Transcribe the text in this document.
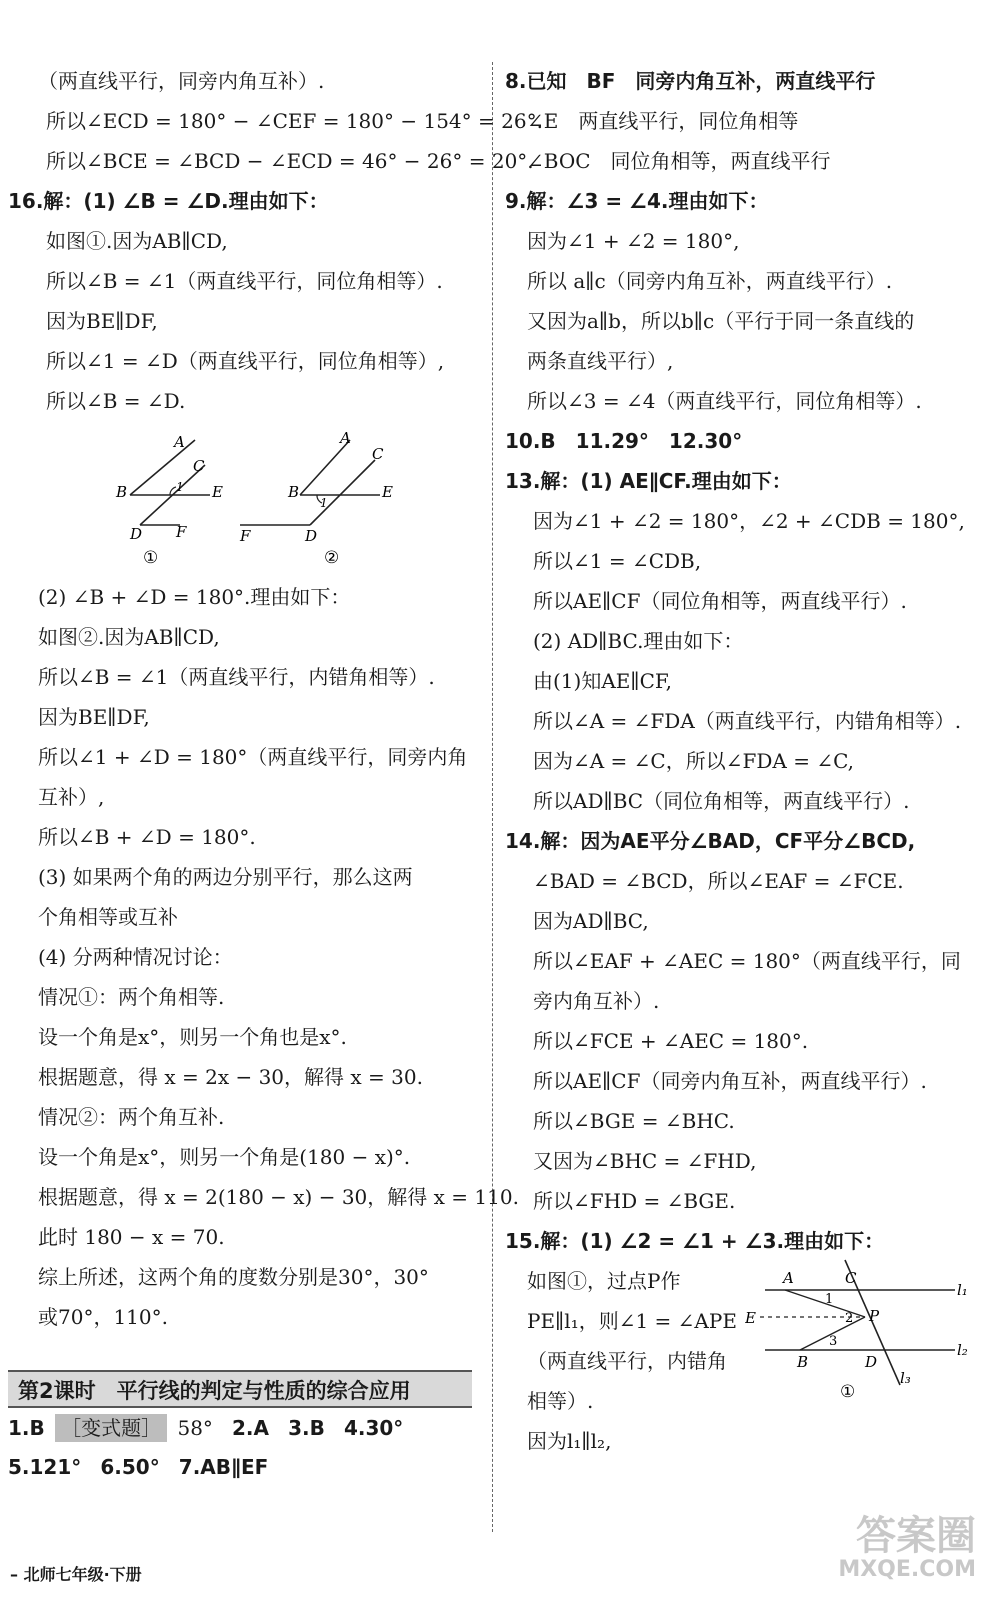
（两直线平行，同旁内角互补）.
所以∠ECD = 180° − ∠CEF = 180° − 154° = 26°.
所以∠BCE = ∠BCD − ∠ECD = 46° − 26° = 20°.
16.解：(1) ∠B = ∠D.理由如下：
如图①.因为AB∥CD,
所以∠B = ∠1（两直线平行，同位角相等）.
因为BE∥DF,
所以∠1 = ∠D（两直线平行，同位角相等）,
所以∠B = ∠D.
A
C
B	E
1
D F
①
A
C
B	E
1
F	D
②
(2) ∠B + ∠D = 180°.理由如下：
如图②.因为AB∥CD,
所以∠B = ∠1（两直线平行，内错角相等）.
因为BE∥DF,
所以∠1 + ∠D = 180°（两直线平行，同旁内角
互补）,
所以∠B + ∠D = 180°.
(3) 如果两个角的两边分别平行，那么这两
个角相等或互补
(4) 分两种情况讨论：
情况①：两个角相等.
设一个角是x°，则另一个角也是x°.
根据题意，得 x = 2x − 30，解得 x = 30.
情况②：两个角互补.
设一个角是x°，则另一个角是(180 − x)°.
根据题意，得 x = 2(180 − x) − 30，解得 x = 110.
此时 180 − x = 70.
综上所述，这两个角的度数分别是30°，30°
或70°，110°.
第2课时　平行线的判定与性质的综合应用
1.B ［变式题］ 58° 2.A 3.B 4.30°
5.121° 6.50° 7.AB∥EF
– 北师七年级·下册
8.已知　BF　同旁内角互补，两直线平行
∠E　两直线平行，同位角相等
∠BOC　同位角相等，两直线平行
9.解：∠3 = ∠4.理由如下：
因为∠1 + ∠2 = 180°,
所以 a∥c（同旁内角互补，两直线平行）.
又因为a∥b，所以b∥c（平行于同一条直线的
两条直线平行）,
所以∠3 = ∠4（两直线平行，同位角相等）.
10.B　11.29°　12.30°
13.解：(1) AE∥CF.理由如下：
因为∠1 + ∠2 = 180°，∠2 + ∠CDB = 180°,
所以∠1 = ∠CDB,
所以AE∥CF（同位角相等，两直线平行）.
(2) AD∥BC.理由如下：
由(1)知AE∥CF,
所以∠A = ∠FDA（两直线平行，内错角相等）.
因为∠A = ∠C，所以∠FDA = ∠C,
所以AD∥BC（同位角相等，两直线平行）.
14.解：因为AE平分∠BAD，CF平分∠BCD,
∠BAD = ∠BCD，所以∠EAF = ∠FCE.
因为AD∥BC,
所以∠EAF + ∠AEC = 180°（两直线平行，同
旁内角互补）.
所以∠FCE + ∠AEC = 180°.
所以AE∥CF（同旁内角互补，两直线平行）.
所以∠BGE = ∠BHC.
又因为∠BHC = ∠FHD,
所以∠FHD = ∠BGE.
15.解：(1) ∠2 = ∠1 + ∠3.理由如下：
如图①，过点P作
PE∥l₁，则∠1 = ∠APE
（两直线平行，内错角
相等）.
因为l₁∥l₂,
A	C
l₁
1
E	2 P
3	l₂
B	D
l₃
①
答案圈
MXQE.COM
